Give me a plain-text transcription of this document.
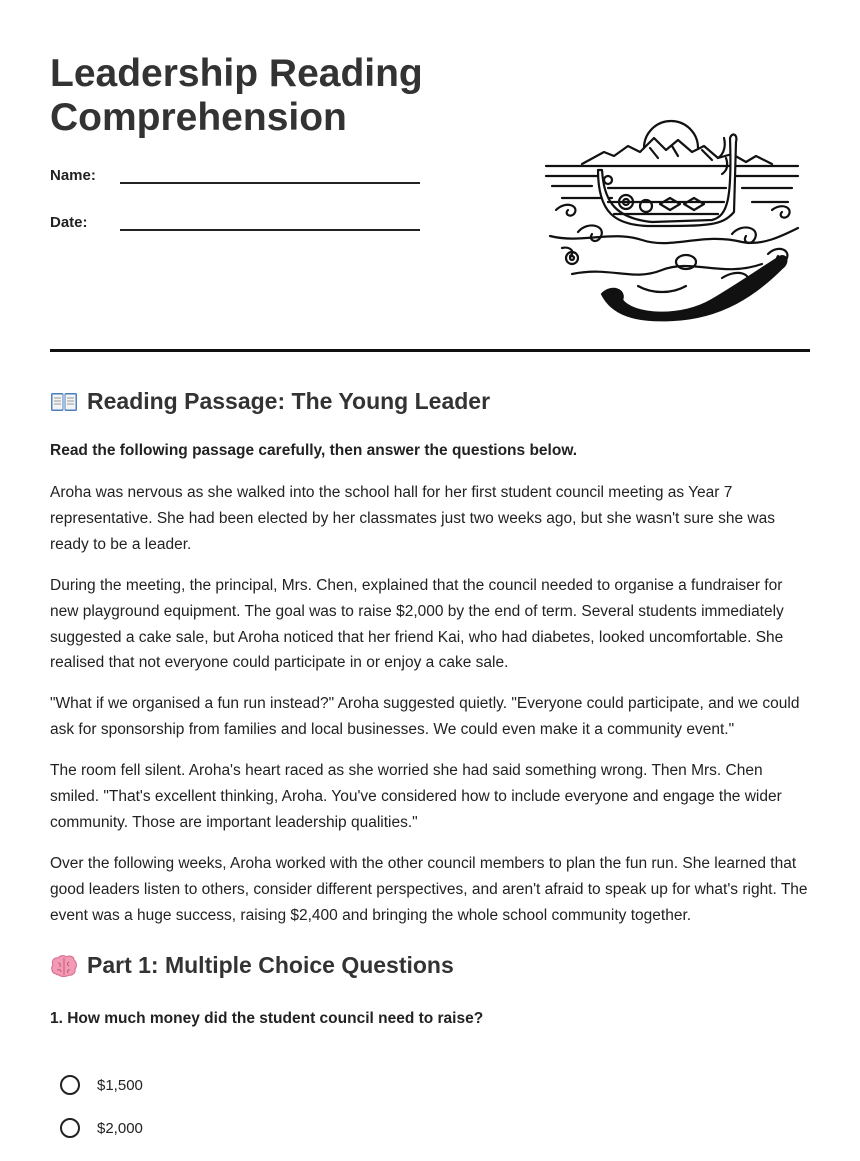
Leadership Reading Comprehension
Name:
Date:
Reading Passage: The Young Leader

Read the following passage carefully, then answer the questions below.

Aroha was nervous as she walked into the school hall for her first student council meeting as Year 7 representative. She had been elected by her classmates just two weeks ago, but she wasn't sure she was ready to be a leader.

During the meeting, the principal, Mrs. Chen, explained that the council needed to organise a fundraiser for new playground equipment. The goal was to raise $2,000 by the end of term. Several students immediately suggested a cake sale, but Aroha noticed that her friend Kai, who had diabetes, looked uncomfortable. She realised that not everyone could participate in or enjoy a cake sale.

"What if we organised a fun run instead?" Aroha suggested quietly. "Everyone could participate, and we could ask for sponsorship from families and local businesses. We could even make it a community event."

The room fell silent. Aroha's heart raced as she worried she had said something wrong. Then Mrs. Chen smiled. "That's excellent thinking, Aroha. You've considered how to include everyone and engage the wider community. Those are important leadership qualities."

Over the following weeks, Aroha worked with the other council members to plan the fun run. She learned that good leaders listen to others, consider different perspectives, and aren't afraid to speak up for what's right. The event was a huge success, raising $2,400 and bringing the whole school community together.

Part 1: Multiple Choice Questions

1. How much money did the student council need to raise?

$1,500
$2,000
